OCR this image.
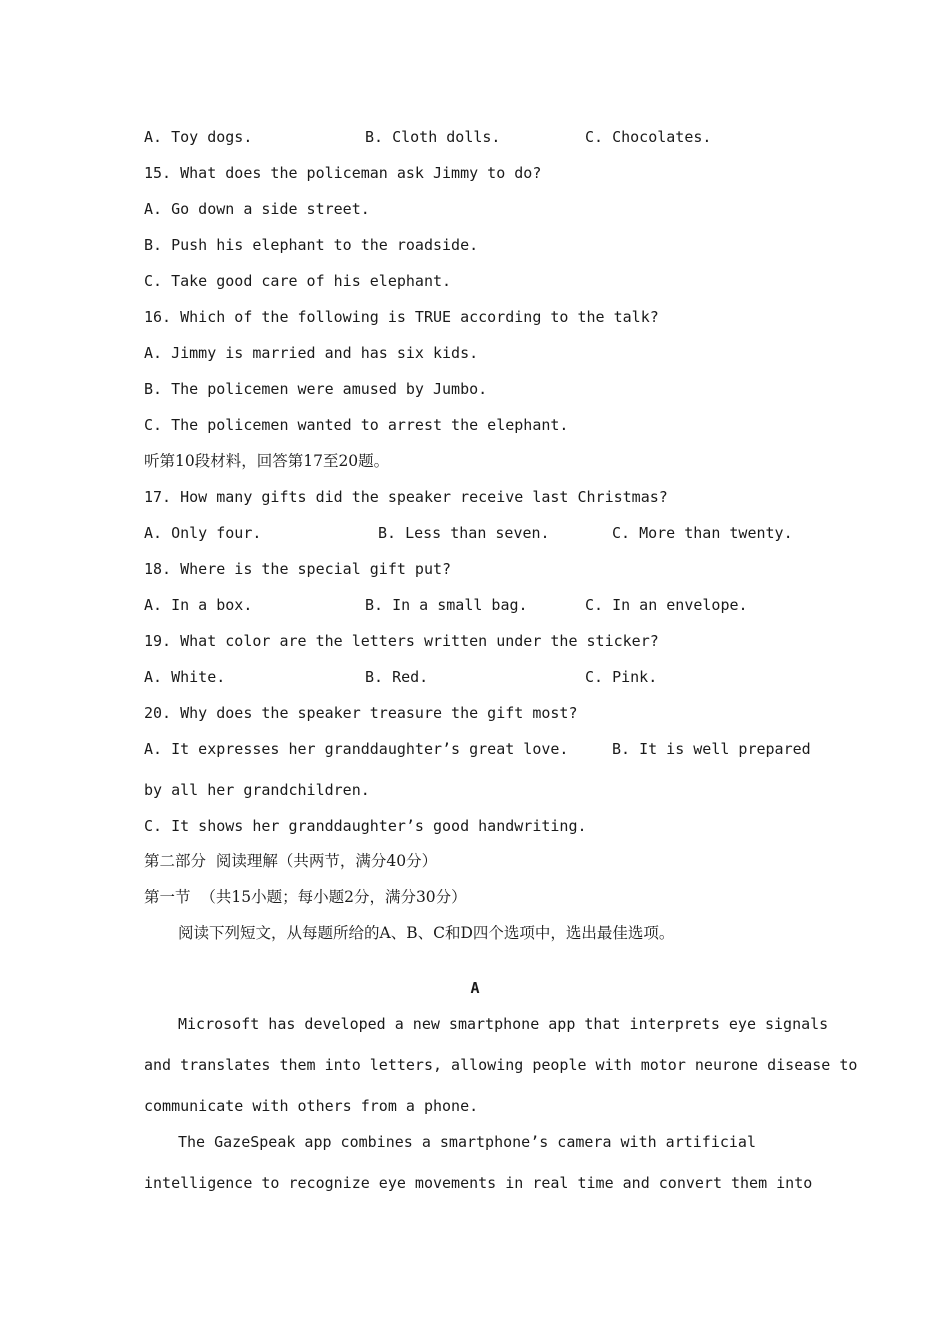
A. Toy dogs.	B. Cloth dolls.	C. Chocolates.
15. What does the policeman ask Jimmy to do?
A. Go down a side street.
B. Push his elephant to the roadside.
C. Take good care of his elephant.
16. Which of the following is TRUE according to the talk?
A. Jimmy is married and has six kids.
B. The policemen were amused by Jumbo.
C. The policemen wanted to arrest the elephant.
听第10段材料，回答第17至20题。
17. How many gifts did the speaker receive last Christmas?
A. Only four.	B. Less than seven.	C. More than twenty.
18. Where is the special gift put?
A. In a box.	B. In a small bag.	C. In an envelope.
19. What color are the letters written under the sticker?
A. White.	B. Red.	C. Pink.
20. Why does the speaker treasure the gift most?
A. It expresses her granddaughter’s great love.	B. It is well prepared
by all her grandchildren.
C. It shows her granddaughter’s good handwriting.
第二部分  阅读理解（共两节，满分40分）
第一节  （共15小题；每小题2分，满分30分）
阅读下列短文，从每题所给的A、B、C和D四个选项中，选出最佳选项。
A
Microsoft has developed a new smartphone app that interprets eye signals
and translates them into letters, allowing people with motor neurone disease to
communicate with others from a phone.
The GazeSpeak app combines a smartphone’s camera with artificial
intelligence to recognize eye movements in real time and convert them into
